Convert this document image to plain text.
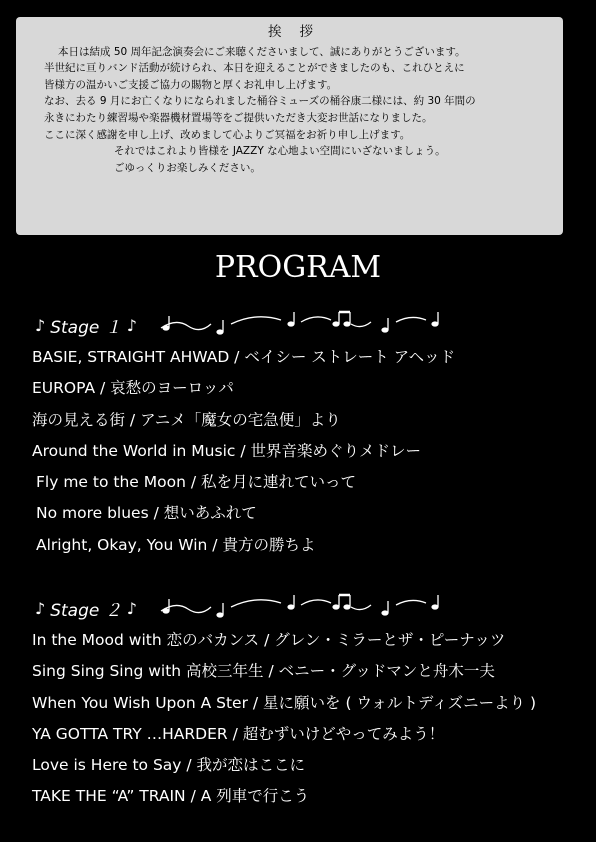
挨拶
本日は結成 50 周年記念演奏会にご来聴くださいまして、誠にありがとうございます。
半世紀に亘りバンド活動が続けられ、本日を迎えることができましたのも、これひとえに
皆様方の温かいご支援ご協力の賜物と厚くお礼申し上げます。
なお、去る 9 月にお亡くなりになられました桶谷ミューズの桶谷康二様には、約 30 年間の
永きにわたり練習場や楽器機材置場等をご提供いただき大変お世話になりました。
ここに深く感謝を申し上げ、改めまして心よりご冥福をお祈り申し上げます。
それではこれより皆様を JAZZY な心地よい空間にいざないましょう。
ごゆっくりお楽しみください。
PROGRAM
♪ Stage １ ♪
BASIE, STRAIGHT AHWAD / ベイシー ストレート アヘッド
EUROPA / 哀愁のヨーロッパ
海の見える街 / アニメ「魔女の宅急便」より
Around the World in Music / 世界音楽めぐりメドレー
Fly me to the Moon / 私を月に連れていって
No more blues / 想いあふれて
Alright, Okay, You Win / 貴方の勝ちよ
♪ Stage ２ ♪
In the Mood with 恋のバカンス / グレン・ミラーとザ・ピーナッツ
Sing Sing Sing with 高校三年生 / ベニー・グッドマンと舟木一夫
When You Wish Upon A Ster / 星に願いを ( ウォルトディズニーより )
YA GOTTA TRY …HARDER / 超むずいけどやってみよう！
Love is Here to Say / 我が恋はここに
TAKE THE “A” TRAIN / A 列車で行こう
